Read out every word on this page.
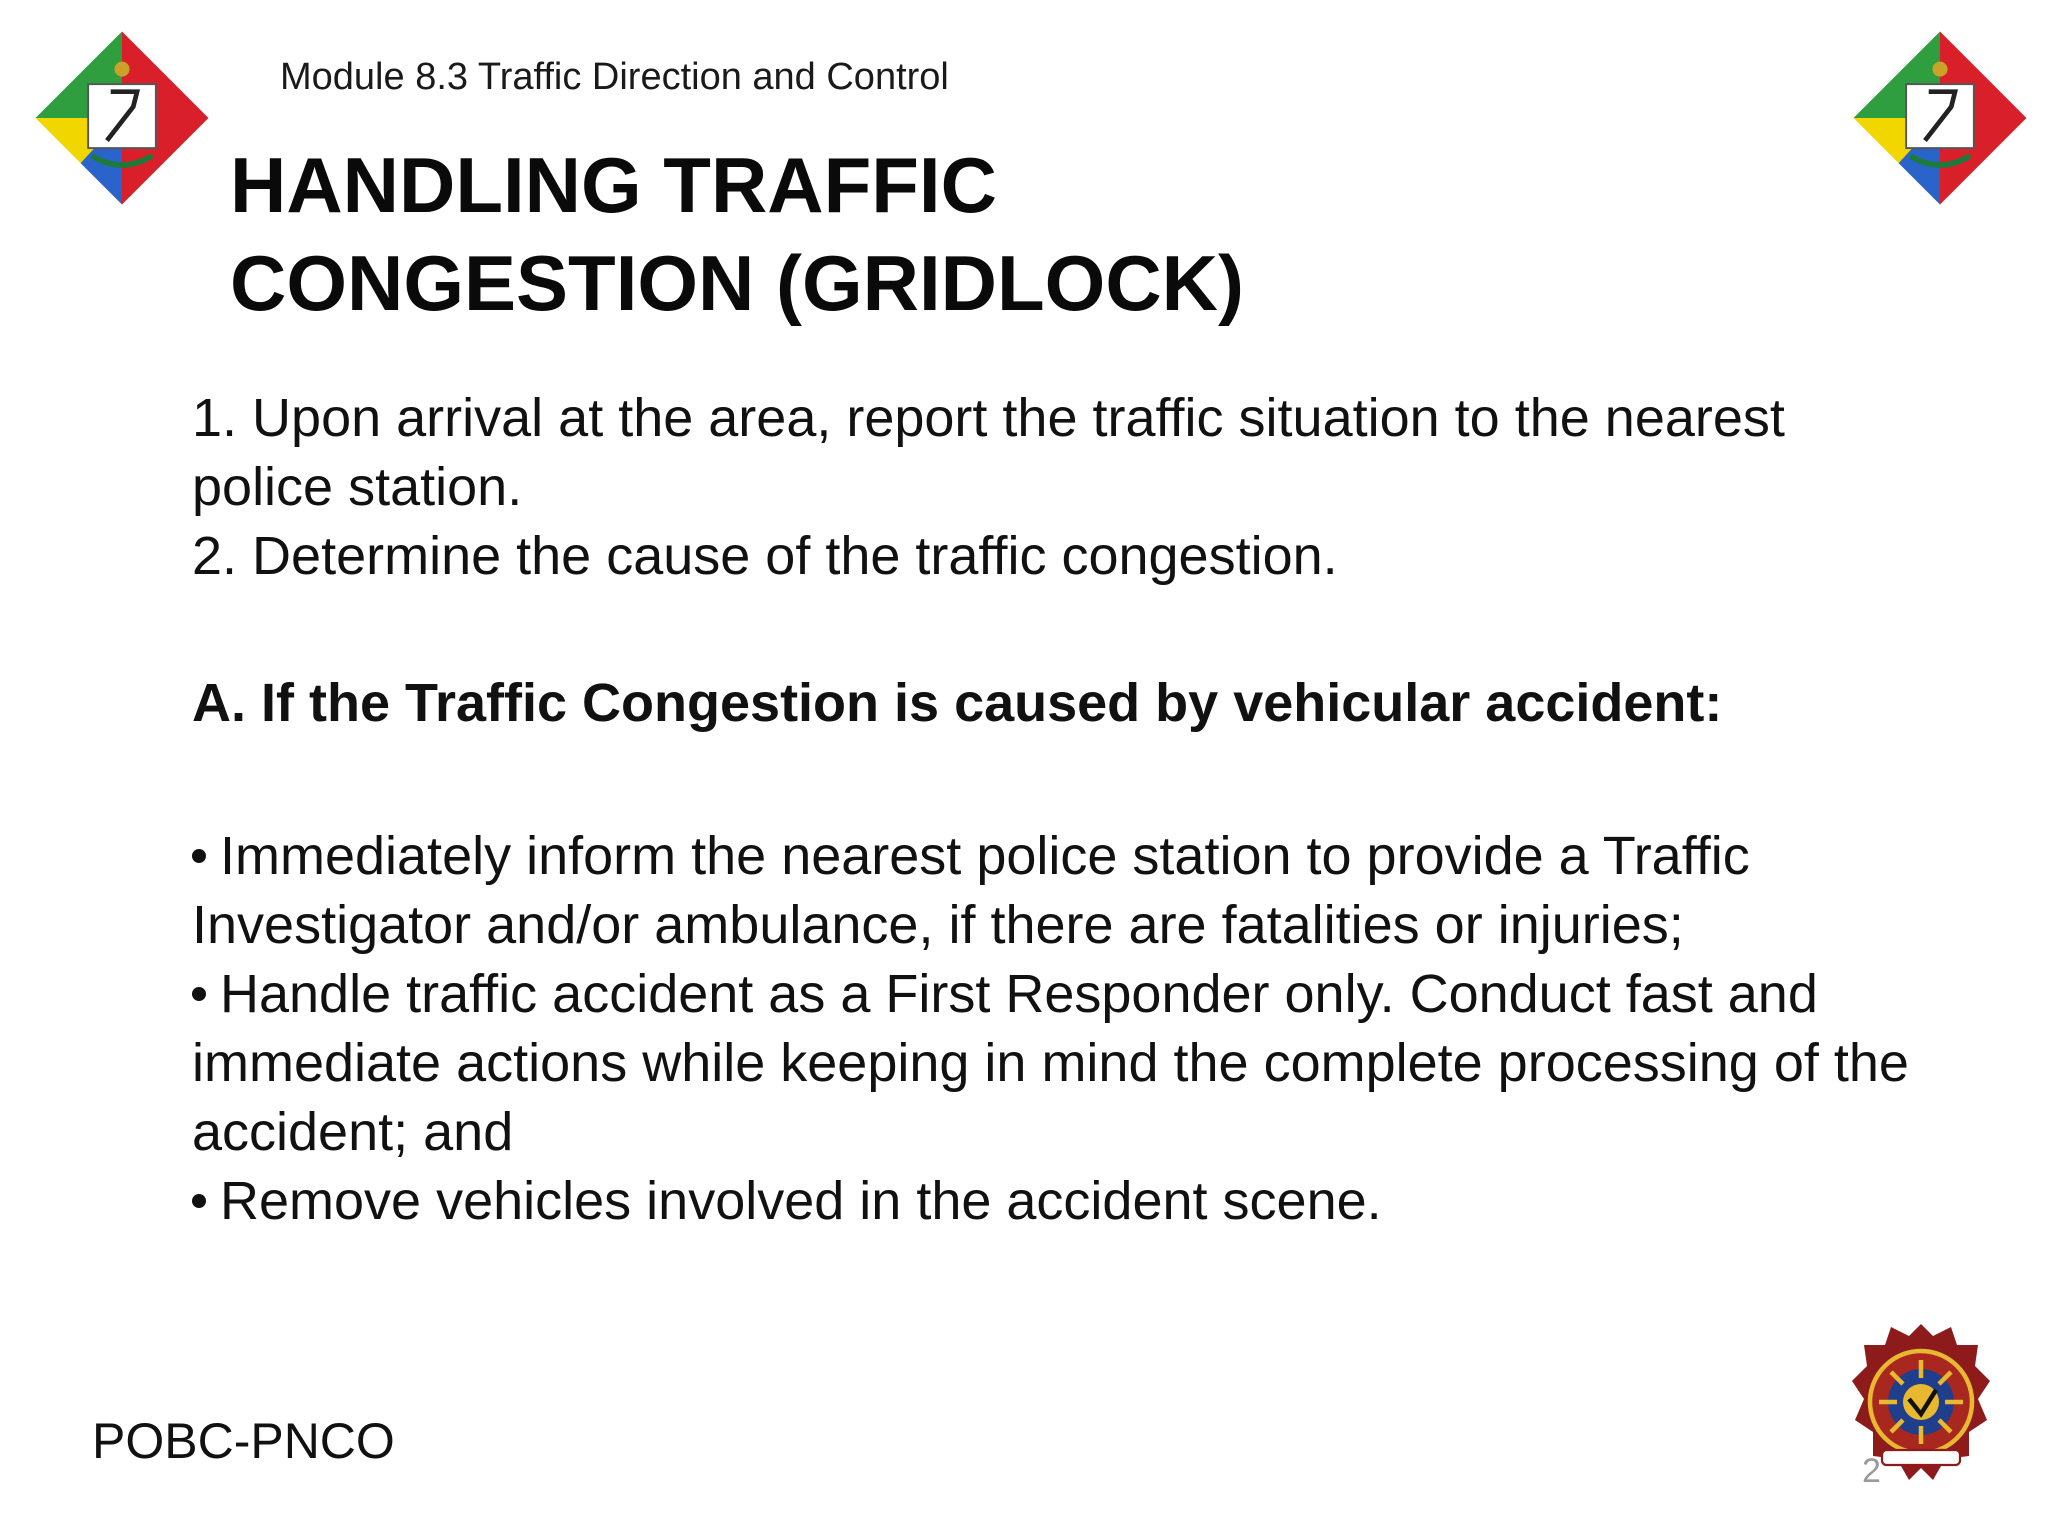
Module 8.3 Traffic Direction and Control
HANDLING TRAFFIC
CONGESTION (GRIDLOCK)

1. Upon arrival at the area, report the traffic situation to the nearest police station.

2. Determine the cause of the traffic congestion.

A. If the Traffic Congestion is caused by vehicular accident:

Immediately inform the nearest police station to provide a Traffic Investigator and/or ambulance, if there are fatalities or injuries;

Handle traffic accident as a First Responder only. Conduct fast and immediate actions while keeping in mind the complete processing of the accident; and

Remove vehicles involved in the accident scene.

POBC-PNCO
2
